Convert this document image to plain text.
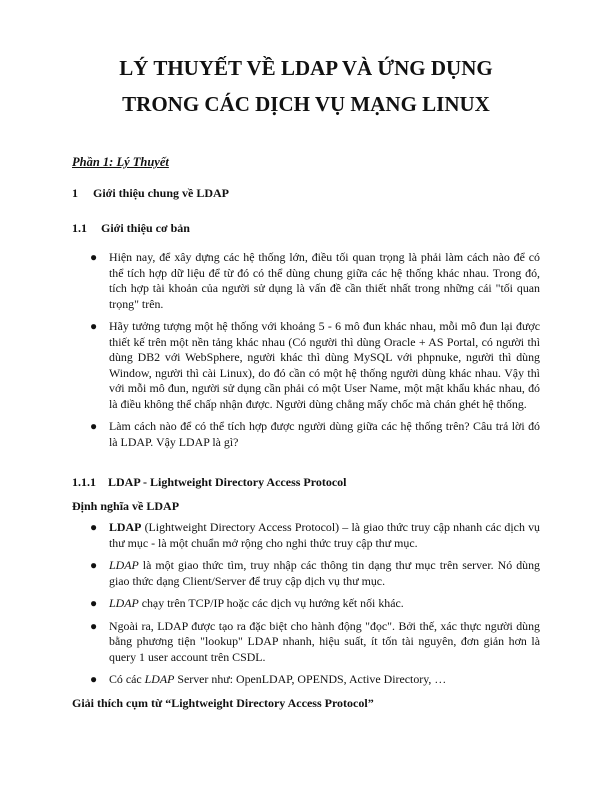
LÝ THUYẾT VỀ LDAP VÀ ỨNG DỤNG
TRONG CÁC DỊCH VỤ MẠNG LINUX

Phần 1: Lý Thuyết

1 Giới thiệu chung về LDAP

1.1 Giới thiệu cơ bản

● Hiện nay, để xây dựng các hệ thống lớn, điều tối quan trọng là phải làm cách nào để có thể tích hợp dữ liệu để từ đó có thể dùng chung giữa các hệ thống khác nhau. Trong đó, tích hợp tài khoản của người sử dụng là vấn đề cần thiết nhất trong những cái "tối quan trọng" trên.
● Hãy tưởng tượng một hệ thống với khoảng 5 - 6 mô đun khác nhau, mỗi mô đun lại được thiết kế trên một nền tảng khác nhau (Có người thì dùng Oracle + AS Portal, có người thì dùng DB2 với WebSphere, người khác thì dùng MySQL với phpnuke, người thì dùng Window, người thì cài Linux), do đó cần có một hệ thống người dùng khác nhau. Vậy thì với mỗi mô đun, người sử dụng cần phải có một User Name, một mật khẩu khác nhau, đó là điều không thể chấp nhận được. Người dùng chẳng mấy chốc mà chán ghét hệ thống.
● Làm cách nào để có thể tích hợp được người dùng giữa các hệ thống trên? Câu trả lời đó là LDAP. Vậy LDAP là gì?

1.1.1 LDAP - Lightweight Directory Access Protocol

Định nghĩa về LDAP

● LDAP (Lightweight Directory Access Protocol) – là giao thức truy cập nhanh các dịch vụ thư mục - là một chuẩn mở rộng cho nghi thức truy cập thư mục.
● LDAP là một giao thức tìm, truy nhập các thông tin dạng thư mục trên server. Nó dùng giao thức dạng Client/Server để truy cập dịch vụ thư mục.
● LDAP chạy trên TCP/IP hoặc các dịch vụ hướng kết nối khác.
● Ngoài ra, LDAP được tạo ra đặc biệt cho hành động "đọc". Bởi thế, xác thực người dùng bằng phương tiện "lookup" LDAP nhanh, hiệu suất, ít tốn tài nguyên, đơn giản hơn là query 1 user account trên CSDL.
● Có các LDAP Server như: OpenLDAP, OPENDS, Active Directory, …

Giải thích cụm từ “Lightweight Directory Access Protocol”
